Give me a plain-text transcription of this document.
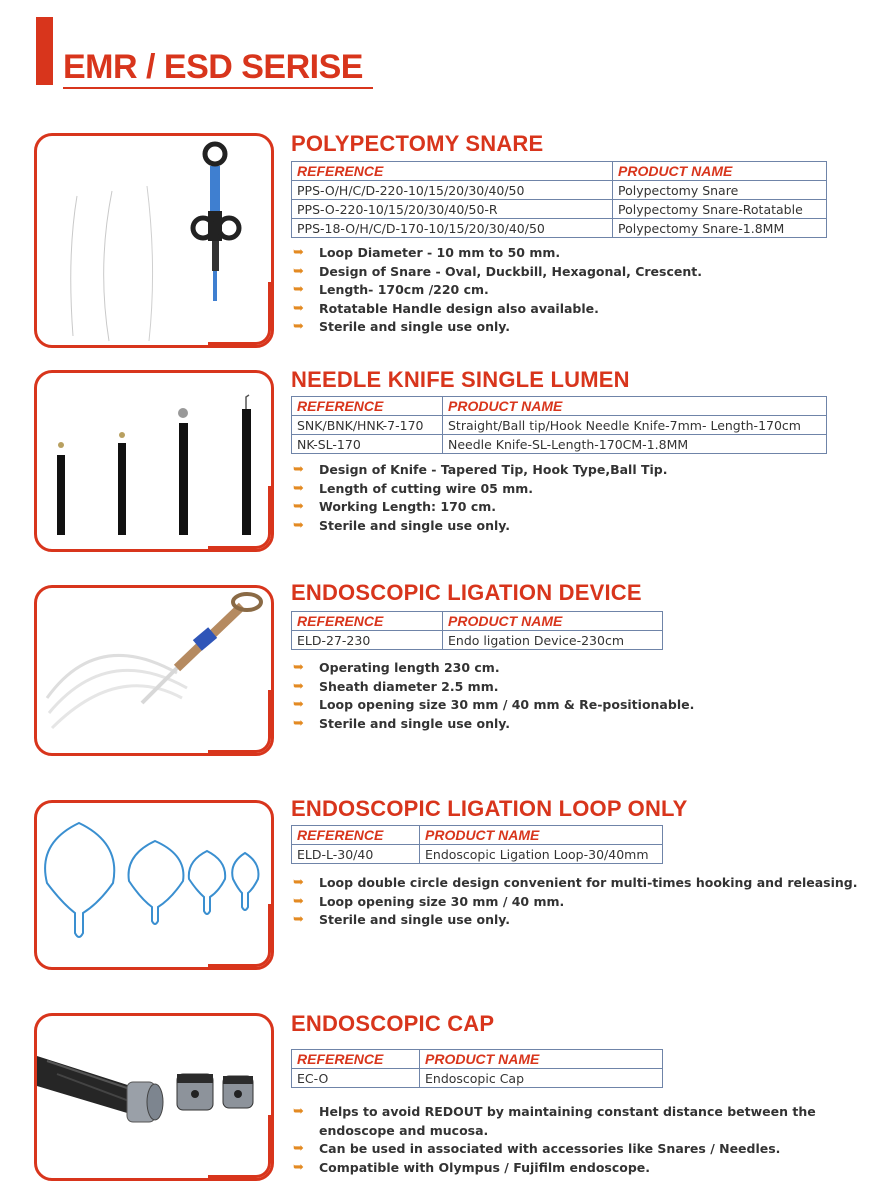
EMR / ESD SERISE
POLYPECTOMY SNARE
REFERENCE	PRODUCT NAME
PPS-O/H/C/D-220-10/15/20/30/40/50	Polypectomy Snare
PPS-O-220-10/15/20/30/40/50-R	Polypectomy Snare-Rotatable
PPS-18-O/H/C/D-170-10/15/20/30/40/50	Polypectomy Snare-1.8MM
➥ Loop Diameter - 10 mm to 50 mm.
➥ Design of Snare - Oval, Duckbill, Hexagonal, Crescent.
➥ Length- 170cm /220 cm.
➥ Rotatable Handle design also available.
➥ Sterile and single use only.
NEEDLE KNIFE SINGLE LUMEN
REFERENCE	PRODUCT NAME
SNK/BNK/HNK-7-170	Straight/Ball tip/Hook Needle Knife-7mm- Length-170cm
NK-SL-170	Needle Knife-SL-Length-170CM-1.8MM
➥ Design of Knife - Tapered Tip, Hook Type,Ball Tip.
➥ Length of cutting wire 05 mm.
➥ Working Length: 170 cm.
➥ Sterile and single use only.
ENDOSCOPIC LIGATION DEVICE
REFERENCE	PRODUCT NAME
ELD-27-230	Endo ligation Device-230cm
➥ Operating length 230 cm.
➥ Sheath diameter 2.5 mm.
➥ Loop opening size 30 mm / 40 mm & Re-positionable.
➥ Sterile and single use only.
ENDOSCOPIC LIGATION LOOP ONLY
REFERENCE	PRODUCT NAME
ELD-L-30/40	Endoscopic Ligation Loop-30/40mm
➥ Loop double circle design convenient for multi-times hooking and releasing.
➥ Loop opening size 30 mm / 40 mm.
➥ Sterile and single use only.
ENDOSCOPIC CAP
REFERENCE	PRODUCT NAME
EC-O	Endoscopic Cap
➥ Helps to avoid REDOUT by maintaining constant distance between the endoscope and mucosa.
➥ Can be used in associated with accessories like Snares / Needles.
➥ Compatible with Olympus / Fujifilm endoscope.
